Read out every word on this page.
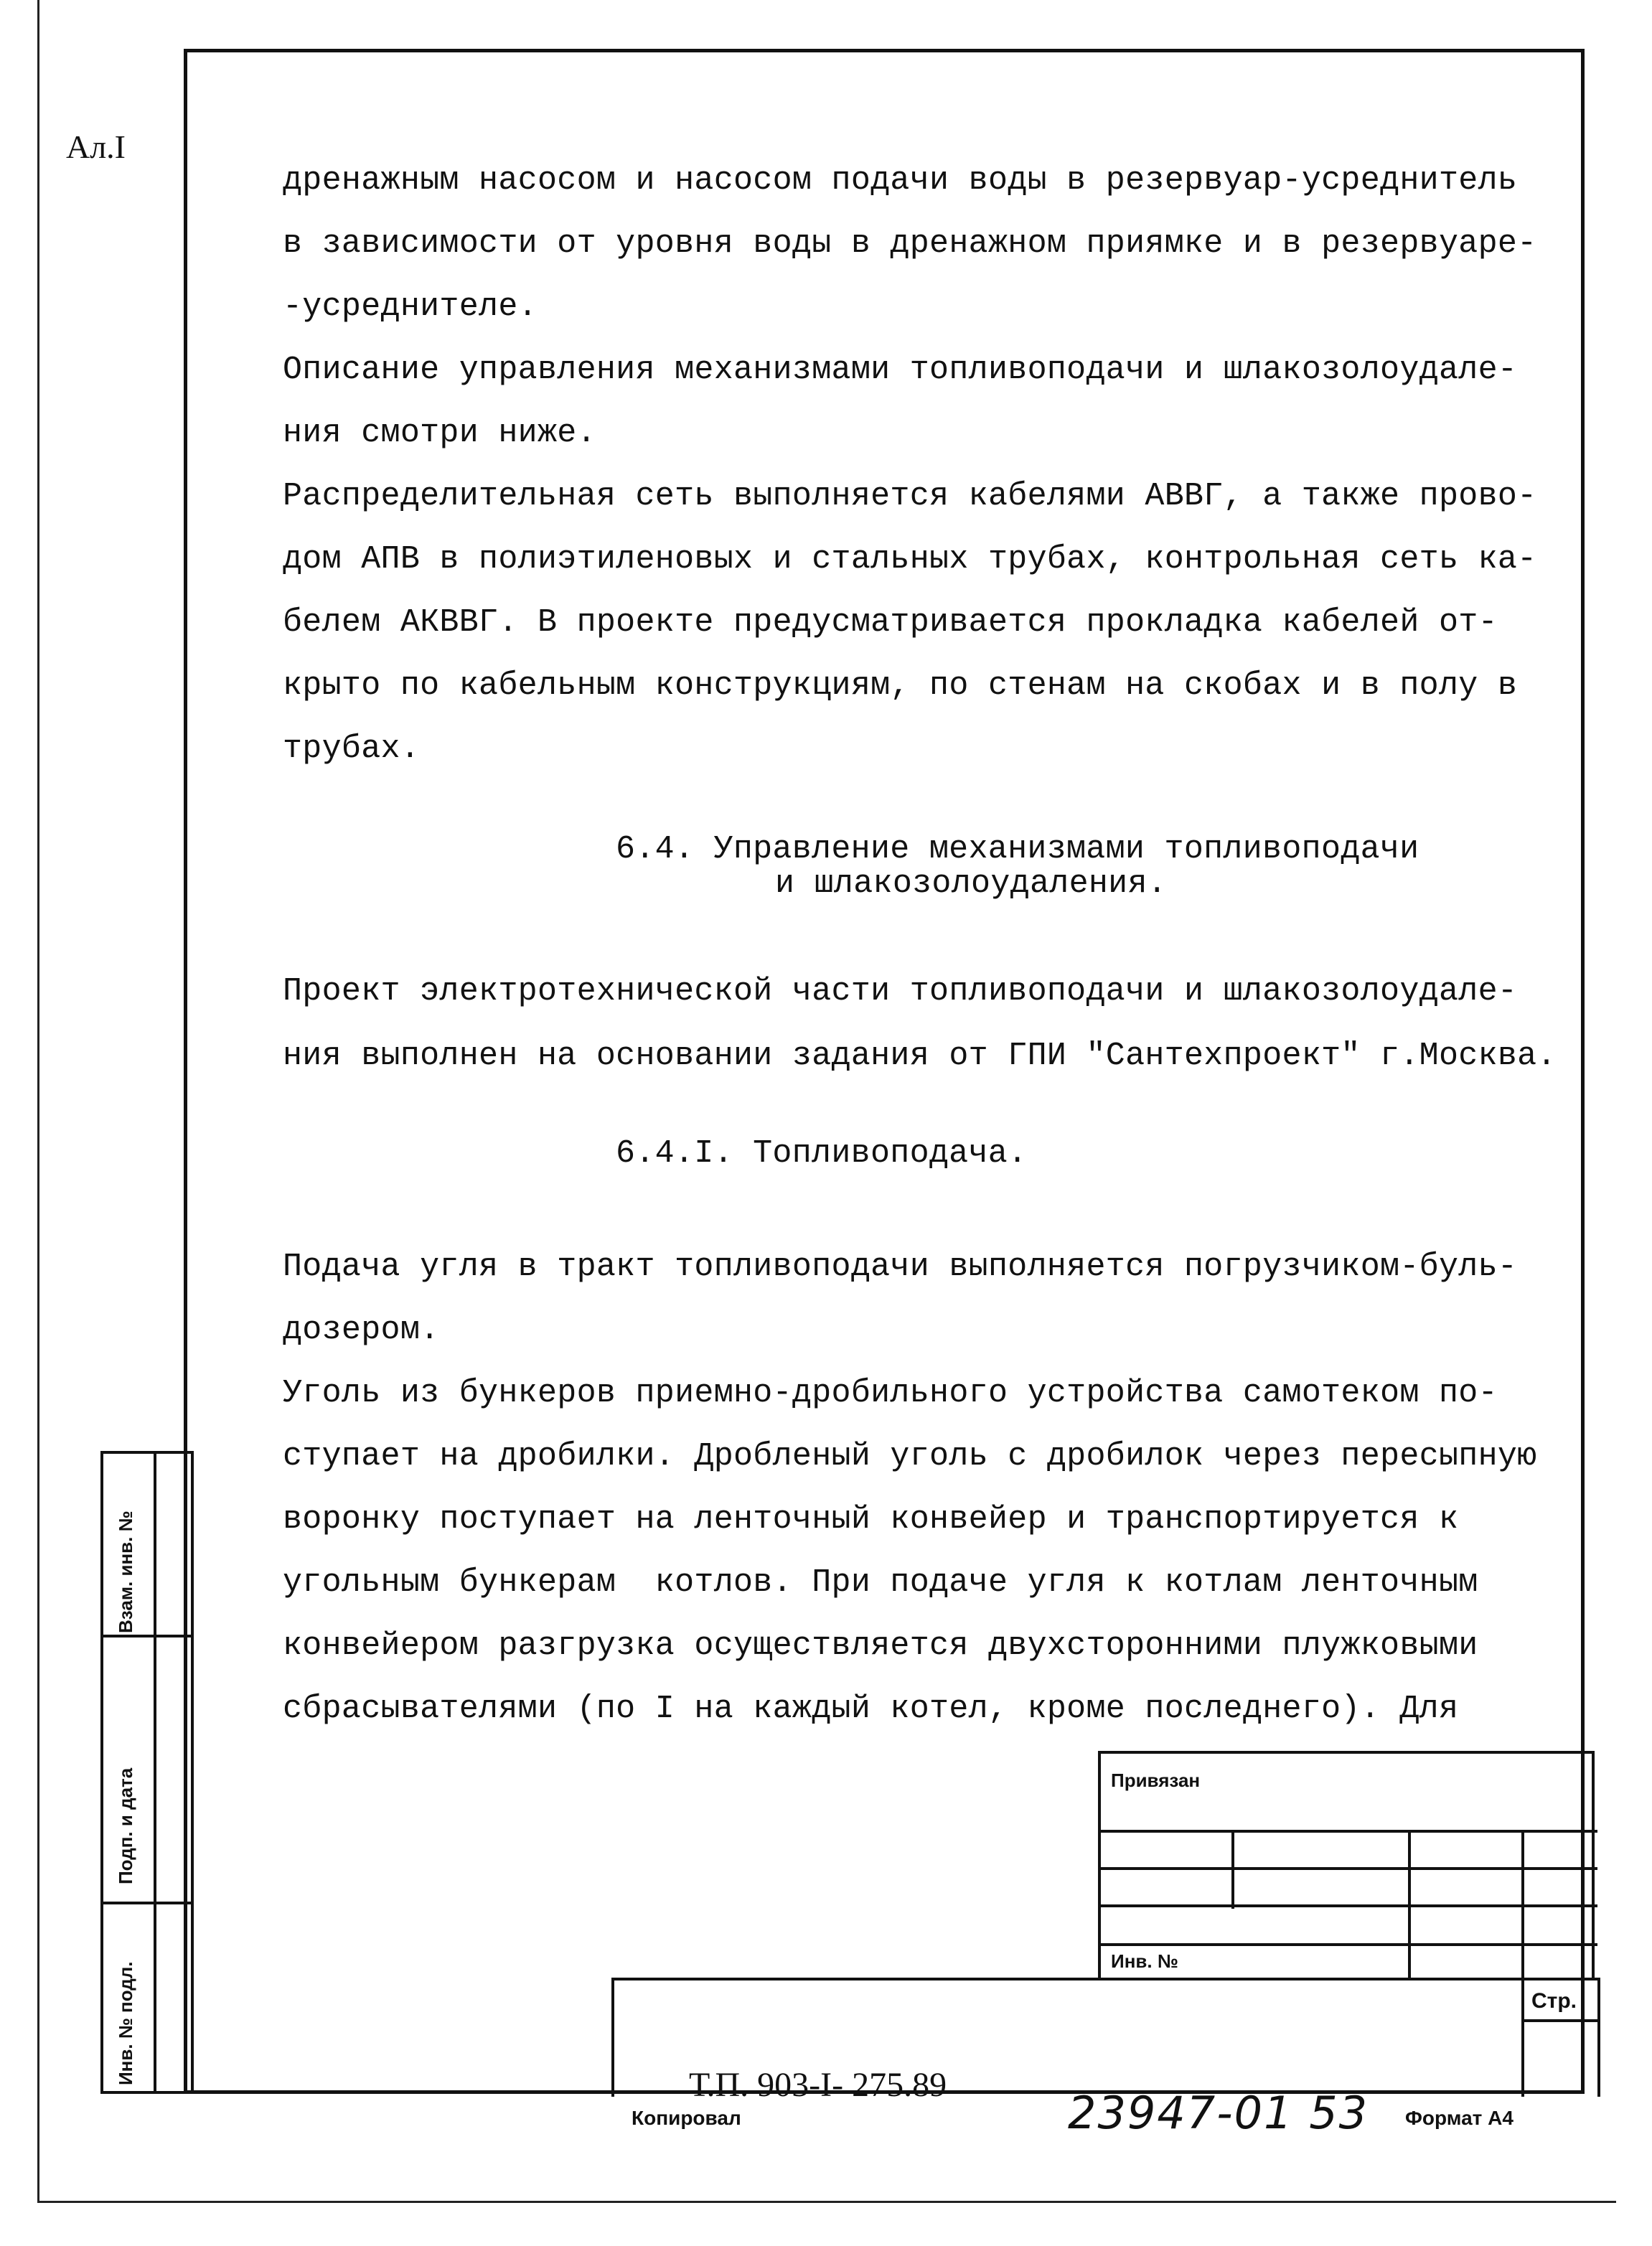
Ал.I
дренажным насосом и насосом подачи воды в резервуар-усреднитель
в зависимости от уровня воды в дренажном приямке и в резервуаре-
-усреднителе.
Описание управления механизмами топливоподачи и шлакозолоудале-
ния смотри ниже.
Распределительная сеть выполняется кабелями АВВГ, а также прово-
дом АПВ в полиэтиленовых и стальных трубах, контрольная сеть ка-
белем АКВВГ. В проекте предусматривается прокладка кабелей от-
крыто по кабельным конструкциям, по стенам на скобах и в полу в
трубах.
6.4. Управление механизмами топливоподачи
и шлакозолоудаления.
Проект электротехнической части топливоподачи и шлакозолоудале-
ния выполнен на основании задания от ГПИ "Сантехпроект" г.Москва.
6.4.I. Топливоподача.
Подача угля в тракт топливоподачи выполняется погрузчиком-буль-
дозером.
Уголь из бункеров приемно-дробильного устройства самотеком по-
ступает на дробилки. Дробленый уголь с дробилок через пересыпную
воронку поступает на ленточный конвейер и транспортируется к
угольным бункерам  котлов. При подаче угля к котлам ленточным
конвейером разгрузка осуществляется двухсторонними плужковыми
сбрасывателями (по I на каждый котел, кроме последнего). Для
Взам. инв. №
Подп. и дата
Инв. № подл.
Привязан
Инв. №
Стр.
Т.П. 903-I- 275.89
Копировал	23947-01 53 Формат А4
